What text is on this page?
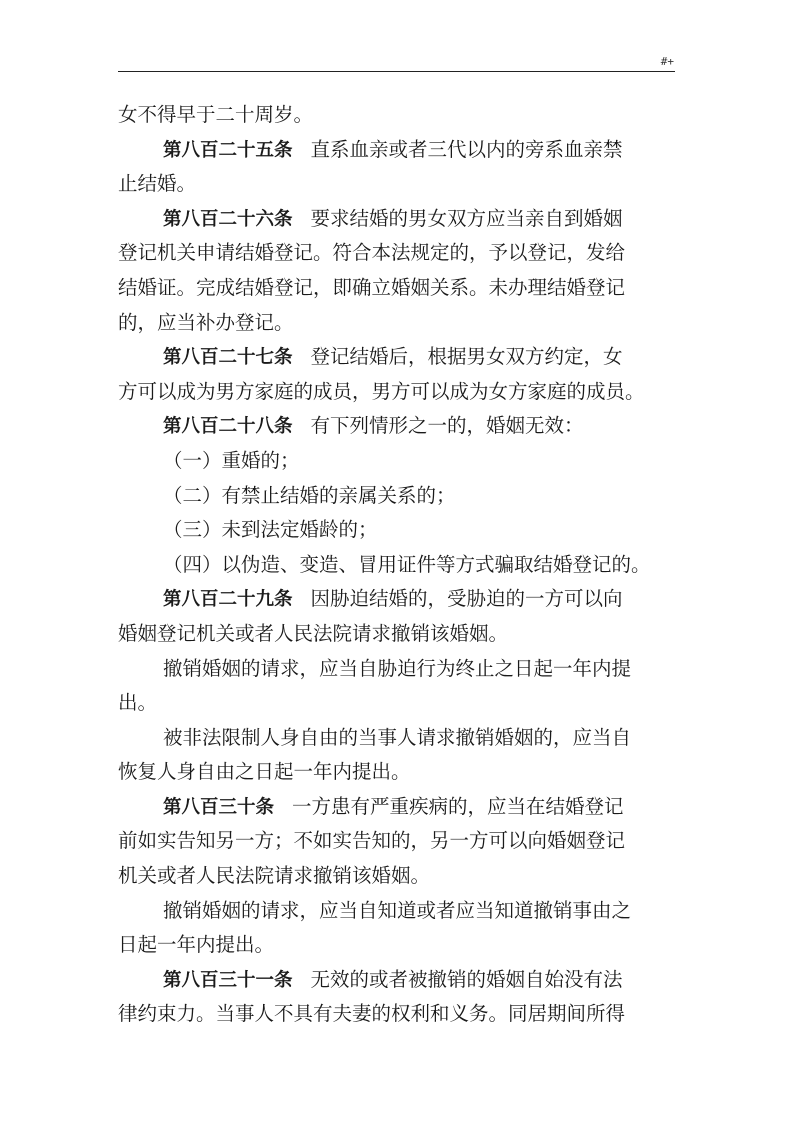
#+
女不得早于二十周岁。
第八百二十五条 直系血亲或者三代以内的旁系血亲禁
止结婚。
第八百二十六条 要求结婚的男女双方应当亲自到婚姻
登记机关申请结婚登记。符合本法规定的，予以登记，发给
结婚证。完成结婚登记，即确立婚姻关系。未办理结婚登记
的，应当补办登记。
第八百二十七条 登记结婚后，根据男女双方约定，女
方可以成为男方家庭的成员，男方可以成为女方家庭的成员。
第八百二十八条 有下列情形之一的，婚姻无效：
（一）重婚的；
（二）有禁止结婚的亲属关系的；
（三）未到法定婚龄的；
（四）以伪造、变造、冒用证件等方式骗取结婚登记的。
第八百二十九条 因胁迫结婚的，受胁迫的一方可以向
婚姻登记机关或者人民法院请求撤销该婚姻。
撤销婚姻的请求，应当自胁迫行为终止之日起一年内提
出。
被非法限制人身自由的当事人请求撤销婚姻的，应当自
恢复人身自由之日起一年内提出。
第八百三十条 一方患有严重疾病的，应当在结婚登记
前如实告知另一方；不如实告知的，另一方可以向婚姻登记
机关或者人民法院请求撤销该婚姻。
撤销婚姻的请求，应当自知道或者应当知道撤销事由之
日起一年内提出。
第八百三十一条 无效的或者被撤销的婚姻自始没有法
律约束力。当事人不具有夫妻的权利和义务。同居期间所得
